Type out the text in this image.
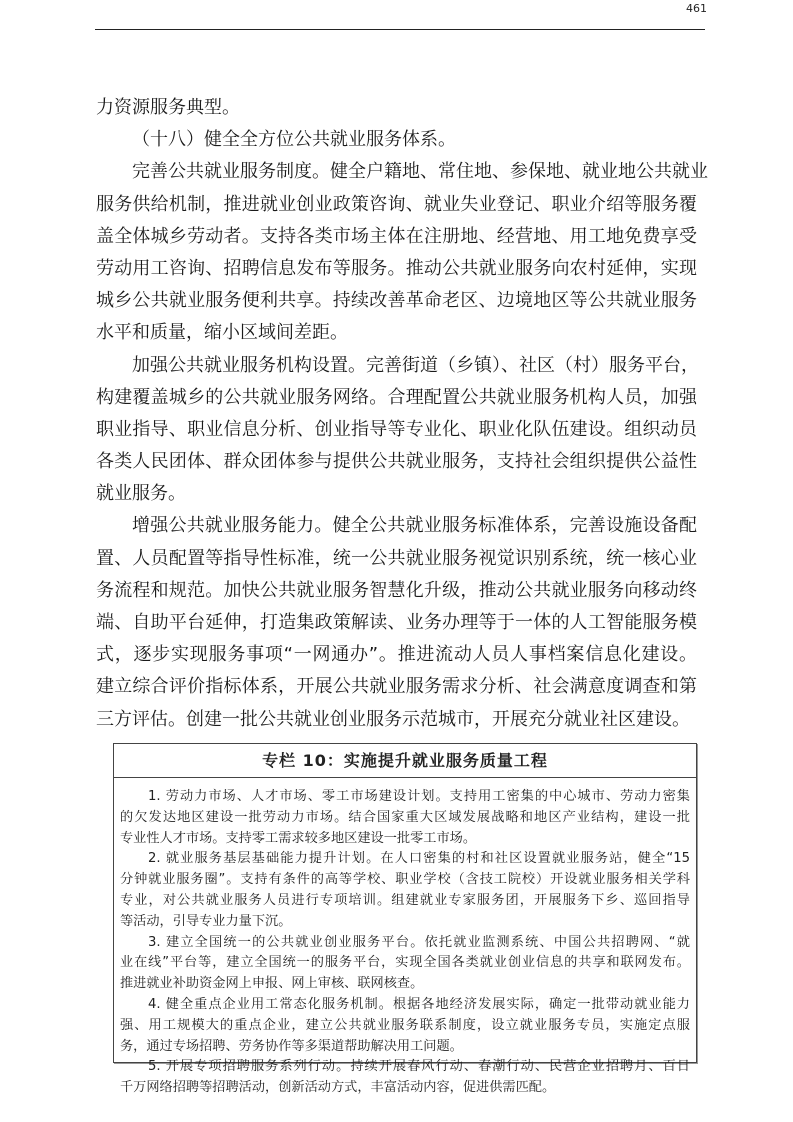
461
力资源服务典型。
（十八）健全全方位公共就业服务体系。
完善公共就业服务制度。健全户籍地、常住地、参保地、就业地公共就业
服务供给机制，推进就业创业政策咨询、就业失业登记、职业介绍等服务覆
盖全体城乡劳动者。支持各类市场主体在注册地、经营地、用工地免费享受
劳动用工咨询、招聘信息发布等服务。推动公共就业服务向农村延伸，实现
城乡公共就业服务便利共享。持续改善革命老区、边境地区等公共就业服务
水平和质量，缩小区域间差距。
加强公共就业服务机构设置。完善街道（乡镇）、社区（村）服务平台，
构建覆盖城乡的公共就业服务网络。合理配置公共就业服务机构人员，加强
职业指导、职业信息分析、创业指导等专业化、职业化队伍建设。组织动员
各类人民团体、群众团体参与提供公共就业服务，支持社会组织提供公益性
就业服务。
增强公共就业服务能力。健全公共就业服务标准体系，完善设施设备配
置、人员配置等指导性标准，统一公共就业服务视觉识别系统，统一核心业
务流程和规范。加快公共就业服务智慧化升级，推动公共就业服务向移动终
端、自助平台延伸，打造集政策解读、业务办理等于一体的人工智能服务模
式，逐步实现服务事项“一网通办”。推进流动人员人事档案信息化建设。
建立综合评价指标体系，开展公共就业服务需求分析、社会满意度调查和第
三方评估。创建一批公共就业创业服务示范城市，开展充分就业社区建设。
专栏 10：实施提升就业服务质量工程
1. 劳动力市场、人才市场、零工市场建设计划。支持用工密集的中心城市、劳动力密集
的欠发达地区建设一批劳动力市场。结合国家重大区域发展战略和地区产业结构，建设一批
专业性人才市场。支持零工需求较多地区建设一批零工市场。
2. 就业服务基层基础能力提升计划。在人口密集的村和社区设置就业服务站，健全“15
分钟就业服务圈”。支持有条件的高等学校、职业学校（含技工院校）开设就业服务相关学科
专业，对公共就业服务人员进行专项培训。组建就业专家服务团，开展服务下乡、巡回指导
等活动，引导专业力量下沉。
3. 建立全国统一的公共就业创业服务平台。依托就业监测系统、中国公共招聘网、“就
业在线”平台等，建立全国统一的服务平台，实现全国各类就业创业信息的共享和联网发布。
推进就业补助资金网上申报、网上审核、联网核查。
4. 健全重点企业用工常态化服务机制。根据各地经济发展实际，确定一批带动就业能力
强、用工规模大的重点企业，建立公共就业服务联系制度，设立就业服务专员，实施定点服
务，通过专场招聘、劳务协作等多渠道帮助解决用工问题。
5. 开展专项招聘服务系列行动。持续开展春风行动、春潮行动、民营企业招聘月、百日
千万网络招聘等招聘活动，创新活动方式，丰富活动内容，促进供需匹配。
